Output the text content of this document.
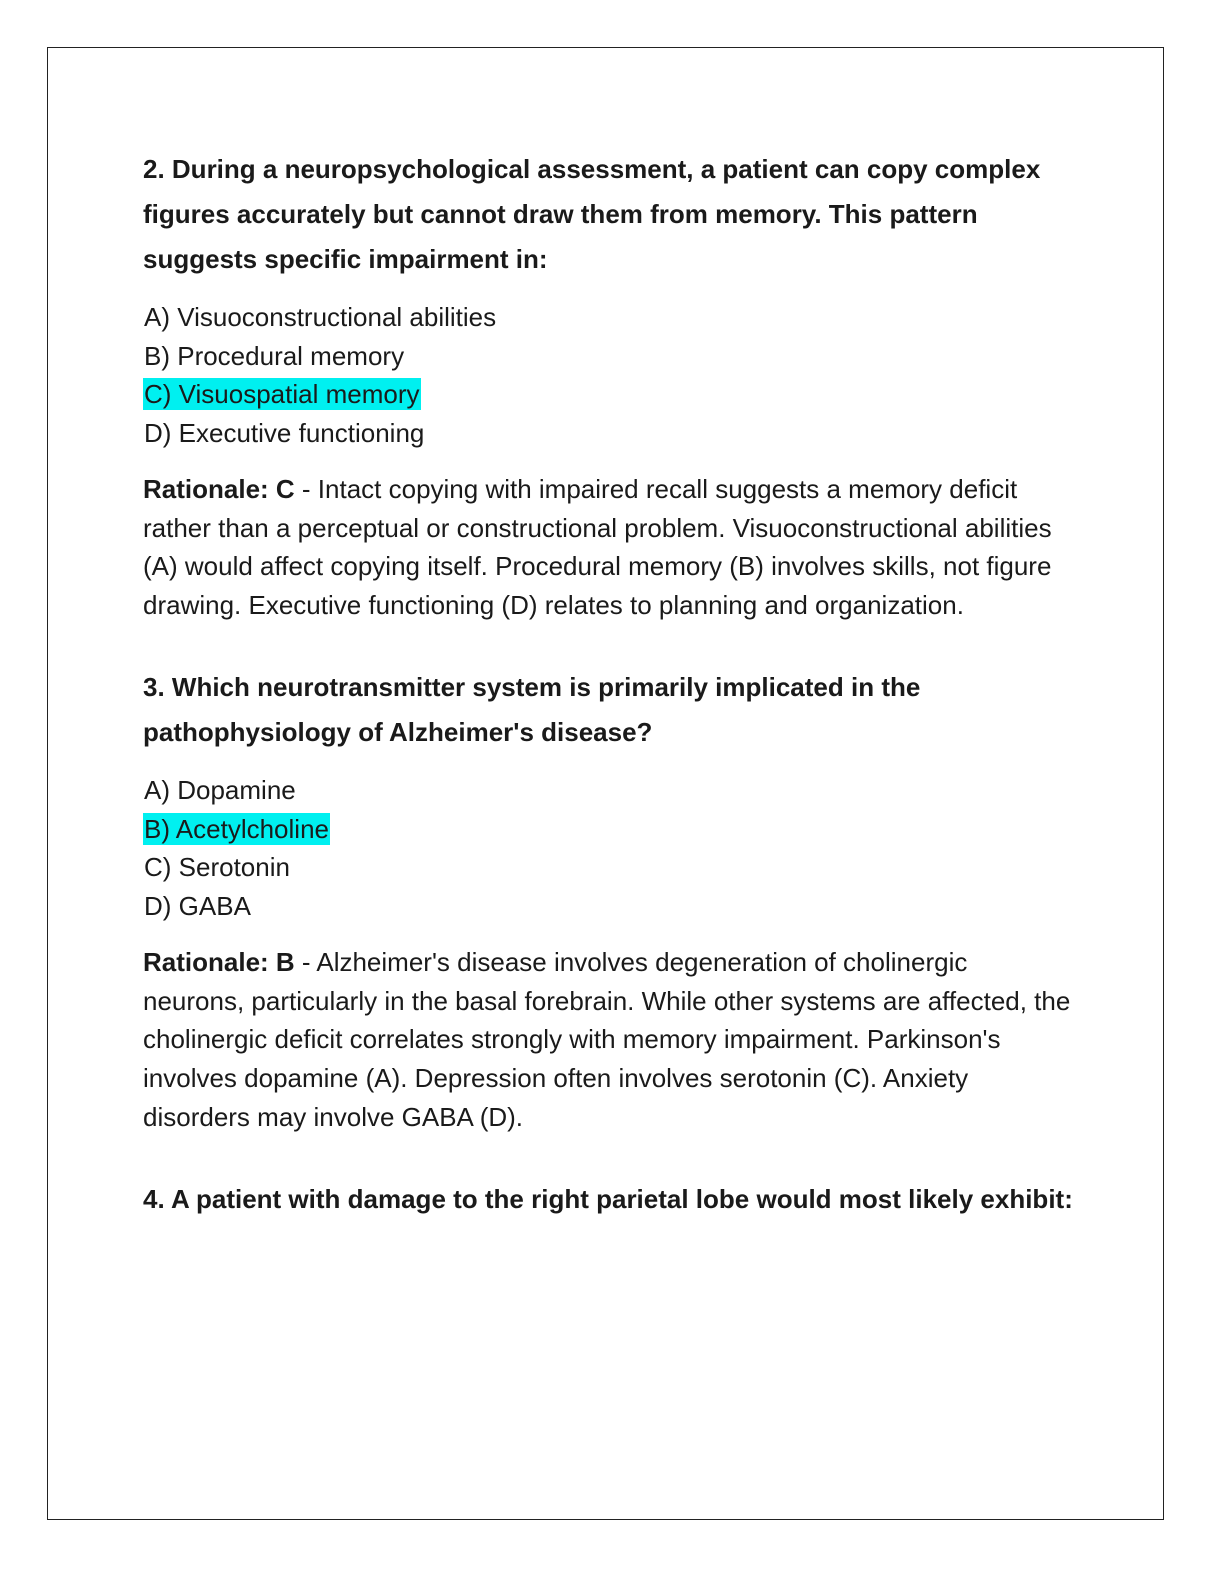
2. During a neuropsychological assessment, a patient can copy complex figures accurately but cannot draw them from memory. This pattern suggests specific impairment in:

A) Visuoconstructional abilities
B) Procedural memory
C) Visuospatial memory
D) Executive functioning

Rationale: C - Intact copying with impaired recall suggests a memory deficit rather than a perceptual or constructional problem. Visuoconstructional abilities (A) would affect copying itself. Procedural memory (B) involves skills, not figure drawing. Executive functioning (D) relates to planning and organization.

3. Which neurotransmitter system is primarily implicated in the pathophysiology of Alzheimer's disease?

A) Dopamine
B) Acetylcholine
C) Serotonin
D) GABA

Rationale: B - Alzheimer's disease involves degeneration of cholinergic neurons, particularly in the basal forebrain. While other systems are affected, the cholinergic deficit correlates strongly with memory impairment. Parkinson's involves dopamine (A). Depression often involves serotonin (C). Anxiety disorders may involve GABA (D).

4. A patient with damage to the right parietal lobe would most likely exhibit:
